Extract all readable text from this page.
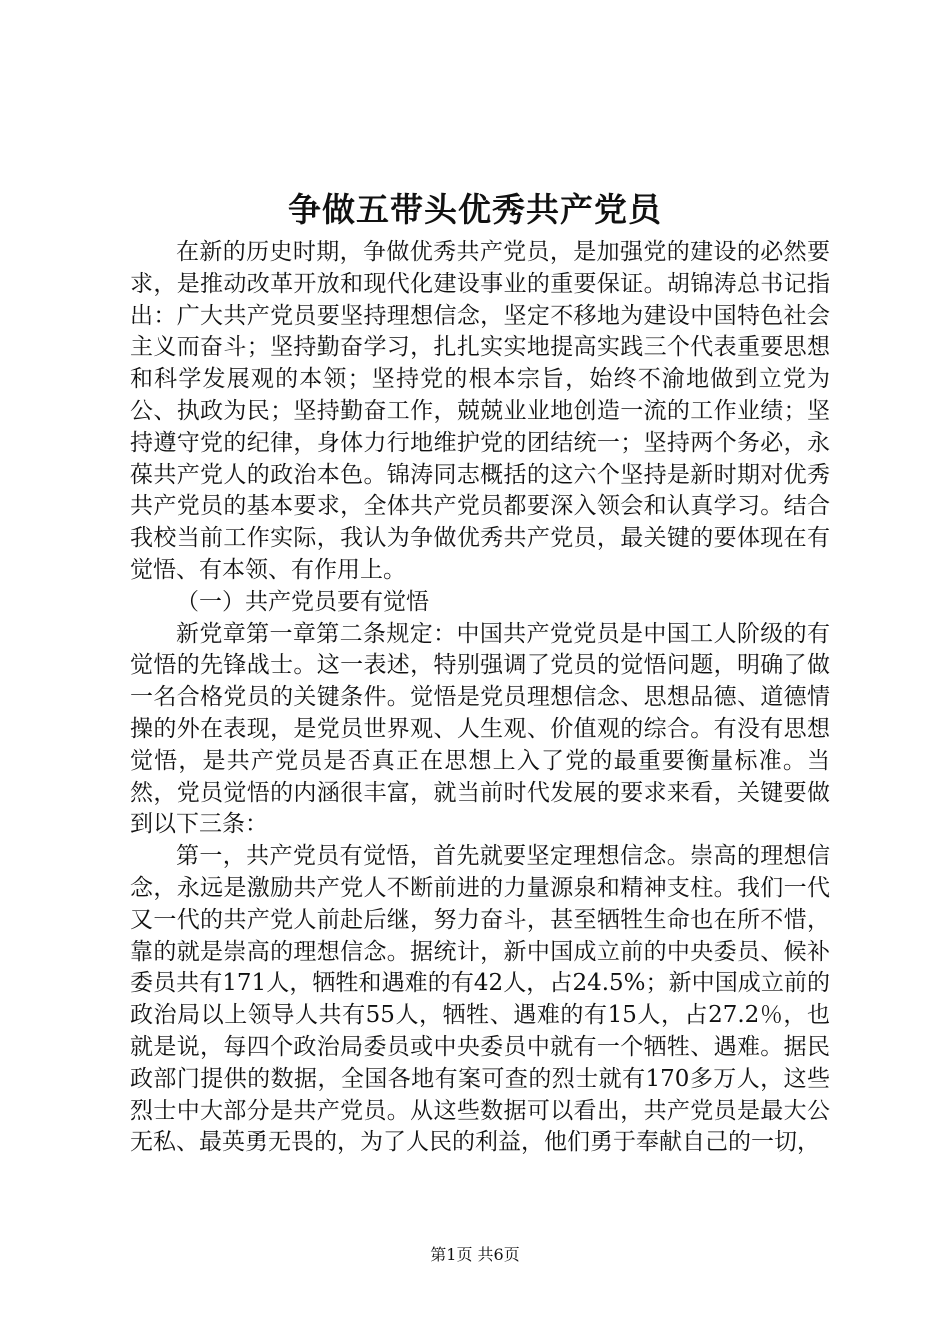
争做五带头优秀共产党员

在新的历史时期，争做优秀共产党员，是加强党的建设的必然要求，是推动改革开放和现代化建设事业的重要保证。胡锦涛总书记指出：广大共产党员要坚持理想信念，坚定不移地为建设中国特色社会主义而奋斗；坚持勤奋学习，扎扎实实地提高实践三个代表重要思想和科学发展观的本领；坚持党的根本宗旨，始终不渝地做到立党为公、执政为民；坚持勤奋工作，兢兢业业地创造一流的工作业绩；坚持遵守党的纪律，身体力行地维护党的团结统一；坚持两个务必，永葆共产党人的政治本色。锦涛同志概括的这六个坚持是新时期对优秀共产党员的基本要求，全体共产党员都要深入领会和认真学习。结合我校当前工作实际，我认为争做优秀共产党员，最关键的要体现在有觉悟、有本领、有作用上。

（一）共产党员要有觉悟

新党章第一章第二条规定：中国共产党党员是中国工人阶级的有觉悟的先锋战士。这一表述，特别强调了党员的觉悟问题，明确了做一名合格党员的关键条件。觉悟是党员理想信念、思想品德、道德情操的外在表现，是党员世界观、人生观、价值观的综合。有没有思想觉悟，是共产党员是否真正在思想上入了党的最重要衡量标准。当然，党员觉悟的内涵很丰富，就当前时代发展的要求来看，关键要做到以下三条：

第一，共产党员有觉悟，首先就要坚定理想信念。崇高的理想信念，永远是激励共产党人不断前进的力量源泉和精神支柱。我们一代又一代的共产党人前赴后继，努力奋斗，甚至牺牲生命也在所不惜，靠的就是崇高的理想信念。据统计，新中国成立前的中央委员、候补委员共有171人，牺牲和遇难的有42人，占24.5%；新中国成立前的政治局以上领导人共有55人，牺牲、遇难的有15人，占27.2％，也就是说，每四个政治局委员或中央委员中就有一个牺牲、遇难。据民政部门提供的数据，全国各地有案可查的烈士就有170多万人，这些烈士中大部分是共产党员。从这些数据可以看出，共产党员是最大公无私、最英勇无畏的，为了人民的利益，他们勇于奉献自己的一切，

第1页 共6页
